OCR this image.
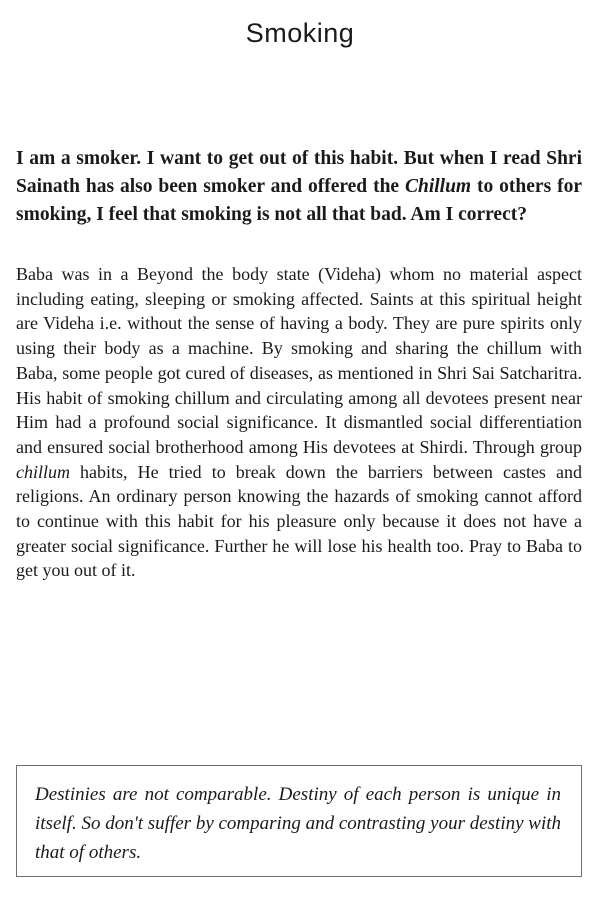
Smoking

I am a smoker. I want to get out of this habit. But when I read Shri Sainath has also been smoker and offered the Chillum to others for smoking, I feel that smoking is not all that bad. Am I correct?

Baba was in a Beyond the body state (Videha) whom no material aspect including eating, sleeping or smoking affected. Saints at this spiritual height are Videha i.e. without the sense of having a body. They are pure spirits only using their body as a machine. By smoking and sharing the chillum with Baba, some people got cured of diseases, as mentioned in Shri Sai Satcharitra. His habit of smoking chillum and circulating among all devotees present near Him had a profound social significance. It dismantled social differentiation and ensured social brotherhood among His devotees at Shirdi. Through group chillum habits, He tried to break down the barriers between castes and religions. An ordinary person knowing the hazards of smoking cannot afford to continue with this habit for his pleasure only because it does not have a greater social significance. Further he will lose his health too. Pray to Baba to get you out of it.

Destinies are not comparable. Destiny of each person is unique in itself. So don't suffer by comparing and contrasting your destiny with that of others.
